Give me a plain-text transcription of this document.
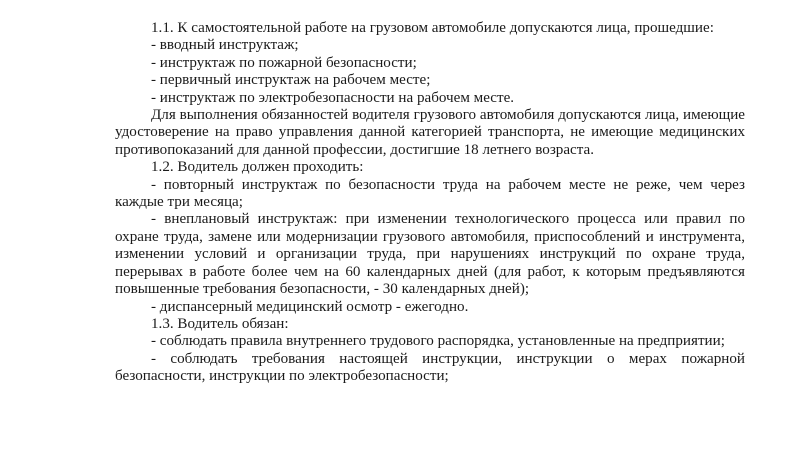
1.1. К самостоятельной работе на грузовом автомобиле допускаются лица, прошедшие:

- вводный инструктаж;

- инструктаж по пожарной безопасности;

- первичный инструктаж на рабочем месте;

- инструктаж по электробезопасности на рабочем месте.

Для выполнения обязанностей водителя грузового автомобиля допускаются лица, имеющие удостоверение на право управления данной категорией транспорта, не имеющие медицинских противопоказаний для данной профессии, достигшие 18 летнего возраста.

1.2. Водитель должен проходить:

- повторный инструктаж по безопасности труда на рабочем месте не реже, чем через каждые три месяца;

- внеплановый инструктаж: при изменении технологического процесса или правил по охране труда, замене или модернизации грузового автомобиля, приспособлений и инструмента, изменении условий и организации труда, при нарушениях инструкций по охране труда, перерывах в работе более чем на 60 календарных дней (для работ, к которым предъявляются повышенные требования безопасности, - 30 календарных дней);

- диспансерный медицинский осмотр - ежегодно.

1.3. Водитель обязан:

- соблюдать правила внутреннего трудового распорядка, установленные на предприятии;

- соблюдать требования настоящей инструкции, инструкции о мерах пожарной безопасности, инструкции по электробезопасности;
